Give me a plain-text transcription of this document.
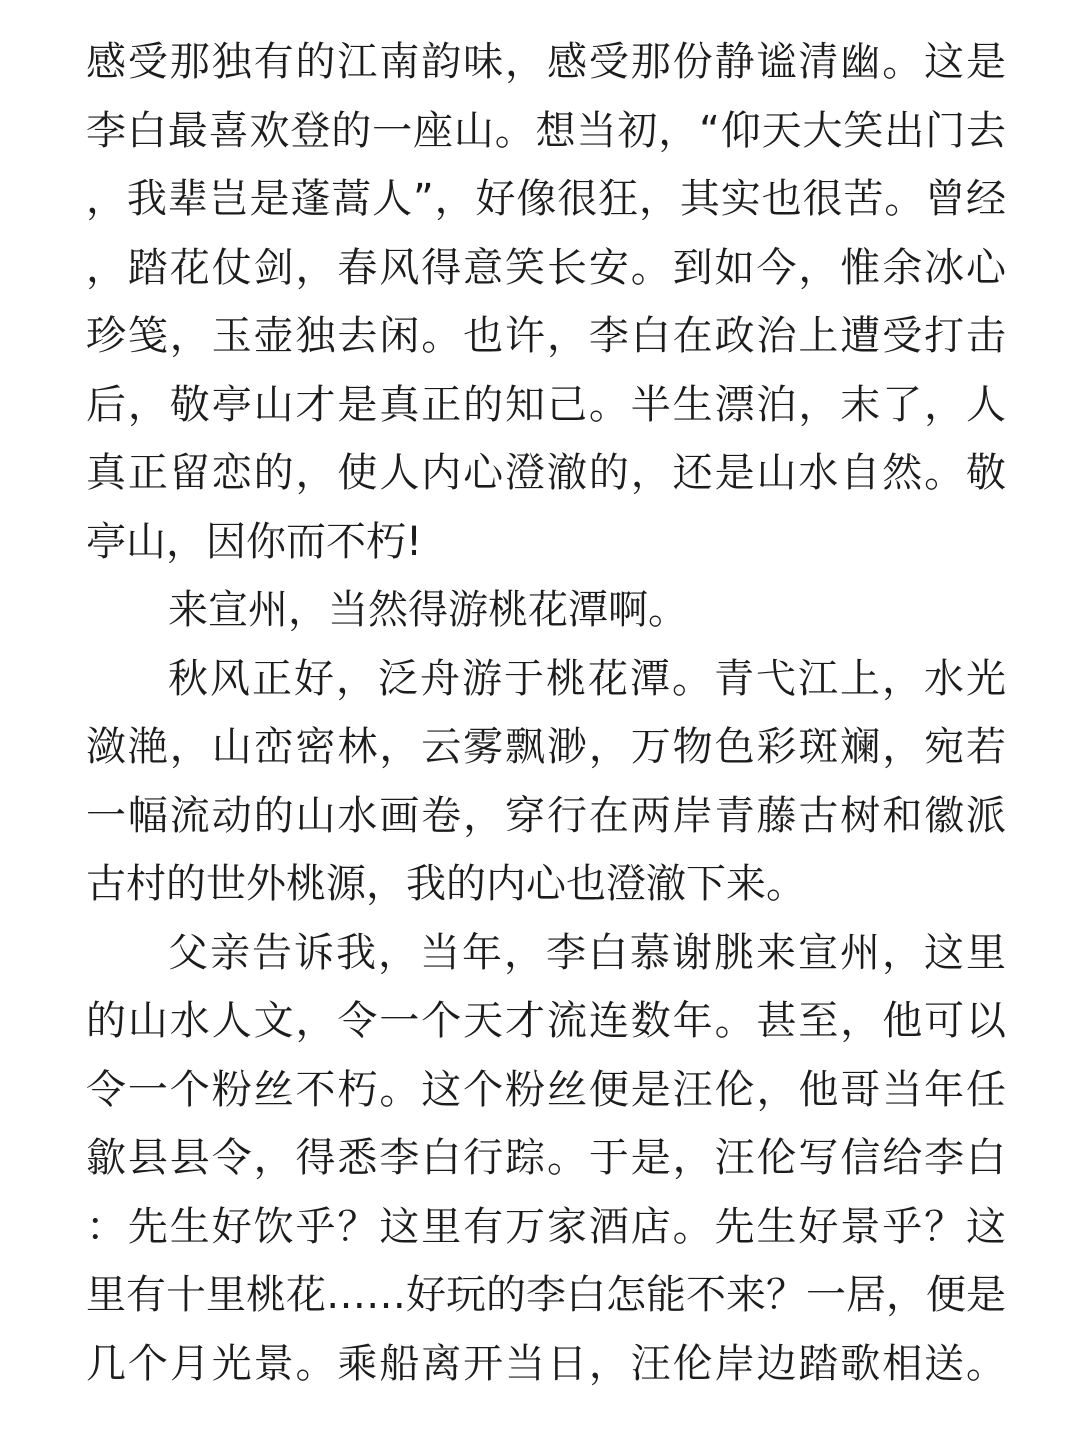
感受那独有的江南韵味，感受那份静谧清幽。这是
李白最喜欢登的一座山。想当初，“仰天大笑出门去
，我辈岂是蓬蒿人”，好像很狂，其实也很苦。曾经
，踏花仗剑，春风得意笑长安。到如今，惟余冰心
珍笺，玉壶独去闲。也许，李白在政治上遭受打击
后，敬亭山才是真正的知己。半生漂泊，末了，人
真正留恋的，使人内心澄澈的，还是山水自然。敬
亭山，因你而不朽!
来宣州，当然得游桃花潭啊。
秋风正好，泛舟游于桃花潭。青弋江上，水光
潋滟，山峦密林，云雾飘渺，万物色彩斑斓，宛若
一幅流动的山水画卷，穿行在两岸青藤古树和徽派
古村的世外桃源，我的内心也澄澈下来。
父亲告诉我，当年，李白慕谢朓来宣州，这里
的山水人文，令一个天才流连数年。甚至，他可以
令一个粉丝不朽。这个粉丝便是汪伦，他哥当年任
歙县县令，得悉李白行踪。于是，汪伦写信给李白
：先生好饮乎？这里有万家酒店。先生好景乎？这
里有十里桃花……好玩的李白怎能不来？一居，便是
几个月光景。乘船离开当日，汪伦岸边踏歌相送。
